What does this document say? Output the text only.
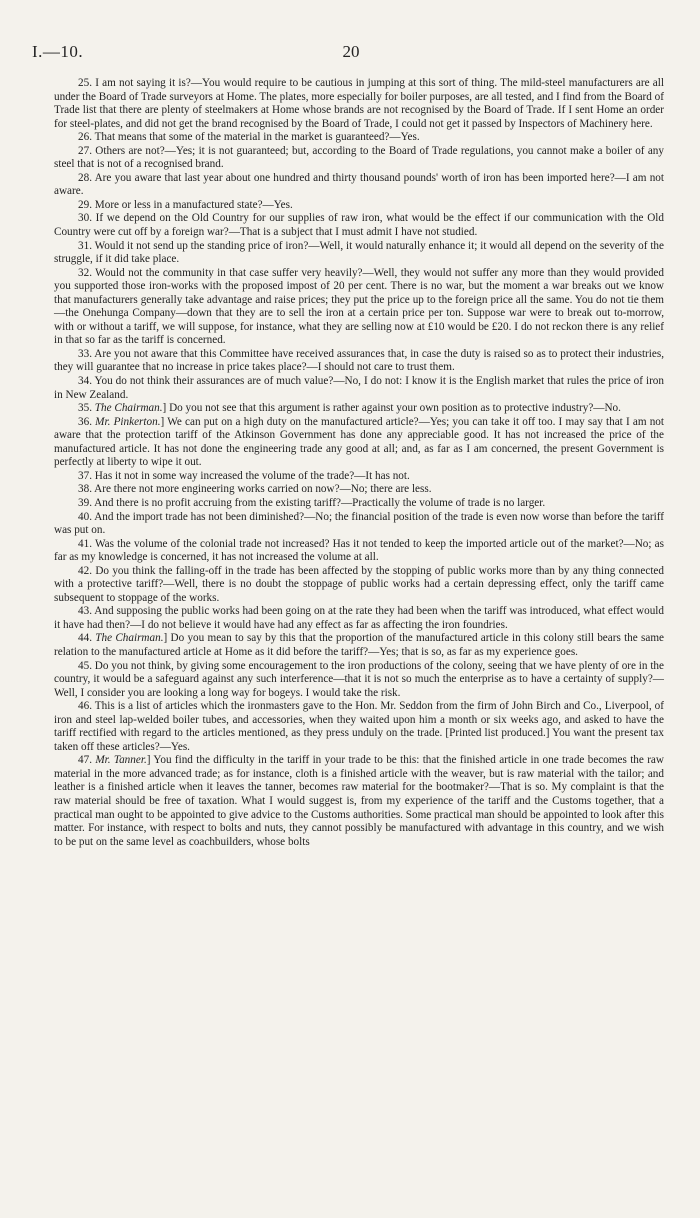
I.—10.	20

25. I am not saying it is?—You would require to be cautious in jumping at this sort of thing. The mild-steel manufacturers are all under the Board of Trade surveyors at Home. The plates, more especially for boiler purposes, are all tested, and I find from the Board of Trade list that there are plenty of steelmakers at Home whose brands are not recognised by the Board of Trade. If I sent Home an order for steel-plates, and did not get the brand recognised by the Board of Trade, I could not get it passed by Inspectors of Machinery here.

26. That means that some of the material in the market is guaranteed?—Yes.

27. Others are not?—Yes; it is not guaranteed; but, according to the Board of Trade regulations, you cannot make a boiler of any steel that is not of a recognised brand.

28. Are you aware that last year about one hundred and thirty thousand pounds' worth of iron has been imported here?—I am not aware.

29. More or less in a manufactured state?—Yes.

30. If we depend on the Old Country for our supplies of raw iron, what would be the effect if our communication with the Old Country were cut off by a foreign war?—That is a subject that I must admit I have not studied.

31. Would it not send up the standing price of iron?—Well, it would naturally enhance it; it would all depend on the severity of the struggle, if it did take place.

32. Would not the community in that case suffer very heavily?—Well, they would not suffer any more than they would provided you supported those iron-works with the proposed impost of 20 per cent. There is no war, but the moment a war breaks out we know that manufacturers generally take advantage and raise prices; they put the price up to the foreign price all the same. You do not tie them—the Onehunga Company—down that they are to sell the iron at a certain price per ton. Suppose war were to break out to-morrow, with or without a tariff, we will suppose, for instance, what they are selling now at £10 would be £20. I do not reckon there is any relief in that so far as the tariff is concerned.

33. Are you not aware that this Committee have received assurances that, in case the duty is raised so as to protect their industries, they will guarantee that no increase in price takes place?—I should not care to trust them.

34. You do not think their assurances are of much value?—No, I do not: I know it is the English market that rules the price of iron in New Zealand.

35. The Chairman.] Do you not see that this argument is rather against your own position as to protective industry?—No.

36. Mr. Pinkerton.] We can put on a high duty on the manufactured article?—Yes; you can take it off too. I may say that I am not aware that the protection tariff of the Atkinson Government has done any appreciable good. It has not increased the price of the manufactured article. It has not done the engineering trade any good at all; and, as far as I am concerned, the present Government is perfectly at liberty to wipe it out.

37. Has it not in some way increased the volume of the trade?—It has not.

38. Are there not more engineering works carried on now?—No; there are less.

39. And there is no profit accruing from the existing tariff?—Practically the volume of trade is no larger.

40. And the import trade has not been diminished?—No; the financial position of the trade is even now worse than before the tariff was put on.

41. Was the volume of the colonial trade not increased? Has it not tended to keep the imported article out of the market?—No; as far as my knowledge is concerned, it has not increased the volume at all.

42. Do you think the falling-off in the trade has been affected by the stopping of public works more than by any thing connected with a protective tariff?—Well, there is no doubt the stoppage of public works had a certain depressing effect, only the tariff came subsequent to stoppage of the works.

43. And supposing the public works had been going on at the rate they had been when the tariff was introduced, what effect would it have had then?—I do not believe it would have had any effect as far as affecting the iron foundries.

44. The Chairman.] Do you mean to say by this that the proportion of the manufactured article in this colony still bears the same relation to the manufactured article at Home as it did before the tariff?—Yes; that is so, as far as my experience goes.

45. Do you not think, by giving some encouragement to the iron productions of the colony, seeing that we have plenty of ore in the country, it would be a safeguard against any such interference—that it is not so much the enterprise as to have a certainty of supply?—Well, I consider you are looking a long way for bogeys. I would take the risk.

46. This is a list of articles which the ironmasters gave to the Hon. Mr. Seddon from the firm of John Birch and Co., Liverpool, of iron and steel lap-welded boiler tubes, and accessories, when they waited upon him a month or six weeks ago, and asked to have the tariff rectified with regard to the articles mentioned, as they press unduly on the trade. [Printed list produced.] You want the present tax taken off these articles?—Yes.

47. Mr. Tanner.] You find the difficulty in the tariff in your trade to be this: that the finished article in one trade becomes the raw material in the more advanced trade; as for instance, cloth is a finished article with the weaver, but is raw material with the tailor; and leather is a finished article when it leaves the tanner, becomes raw material for the bootmaker?—That is so. My complaint is that the raw material should be free of taxation. What I would suggest is, from my experience of the tariff and the Customs together, that a practical man ought to be appointed to give advice to the Customs authorities. Some practical man should be appointed to look after this matter. For instance, with respect to bolts and nuts, they cannot possibly be manufactured with advantage in this country, and we wish to be put on the same level as coachbuilders, whose bolts
